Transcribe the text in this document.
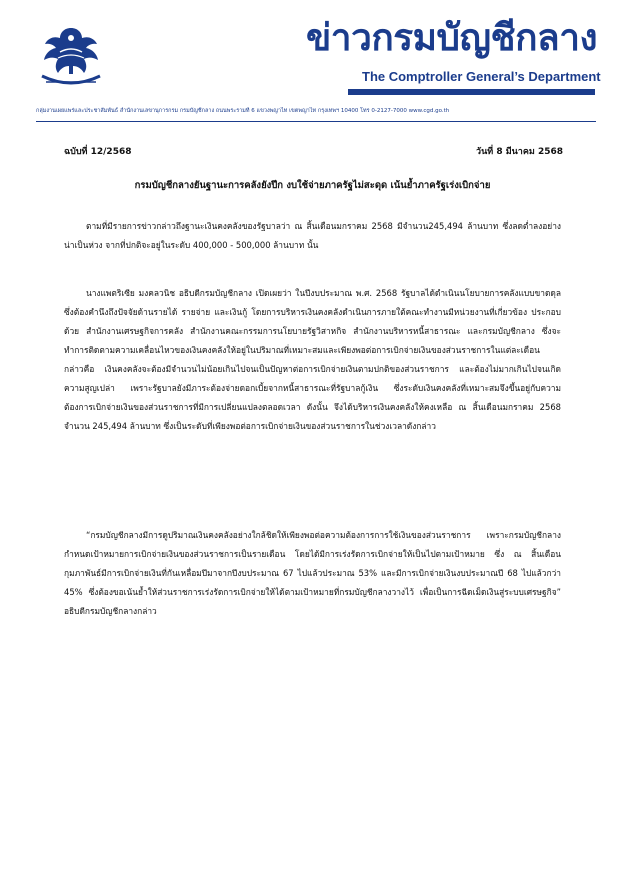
ข่าวกรมบัญชีกลาง
The Comptroller General’s Department
กลุ่มงานเผยแพร่และประชาสัมพันธ์ สำนักงานเลขานุการกรม กรมบัญชีกลาง ถนนพระรามที่ 6 แขวงพญาไท เขตพญาไท กรุงเทพฯ 10400 โทร 0-2127-7000 www.cgd.go.th
ฉบับที่ 12/2568	วันที่ 8 มีนาคม 2568
กรมบัญชีกลางยันฐานะการคลังยังปึก งบใช้จ่ายภาครัฐไม่สะดุด เน้นย้ำภาครัฐเร่งเบิกจ่าย

ตามที่มีรายการข่าวกล่าวถึงฐานะเงินคงคลังของรัฐบาลว่า ณ สิ้นเดือนมกราคม 2568 มีจำนวน245,494 ล้านบาท ซึ่งลดต่ำลงอย่างน่าเป็นห่วง จากที่ปกติจะอยู่ในระดับ 400,000 - 500,000 ล้านบาท นั้น

นางแพตริเซีย มงคลวนิช อธิบดีกรมบัญชีกลาง เปิดเผยว่า ในปีงบประมาณ พ.ศ. 2568 รัฐบาลได้ดำเนินนโยบายการคลังแบบขาดดุล ซึ่งต้องคำนึงถึงปัจจัยด้านรายได้ รายจ่าย และเงินกู้ โดยการบริหารเงินคงคลังดำเนินการภายใต้คณะทำงานมีหน่วยงานที่เกี่ยวข้อง ประกอบด้วย สำนักงานเศรษฐกิจการคลัง สำนักงานคณะกรรมการนโยบายรัฐวิสาหกิจ สำนักงานบริหารหนี้สาธารณะ และกรมบัญชีกลาง ซึ่งจะทำการติดตามความเคลื่อนไหวของเงินคงคลังให้อยู่ในปริมาณที่เหมาะสมและเพียงพอต่อการเบิกจ่ายเงินของส่วนราชการในแต่ละเดือน กล่าวคือ เงินคงคลังจะต้องมีจำนวนไม่น้อยเกินไปจนเป็นปัญหาต่อการเบิกจ่ายเงินตามปกติของส่วนราชการ และต้องไม่มากเกินไปจนเกิดความสูญเปล่า เพราะรัฐบาลยังมีภาระต้องจ่ายดอกเบี้ยจากหนี้สาธารณะที่รัฐบาลกู้เงิน ซึ่งระดับเงินคงคลังที่เหมาะสมจึงขึ้นอยู่กับความต้องการเบิกจ่ายเงินของส่วนราชการที่มีการเปลี่ยนแปลงตลอดเวลา ดังนั้น จึงได้บริหารเงินคงคลังให้คงเหลือ ณ สิ้นเดือนมกราคม 2568 จำนวน 245,494 ล้านบาท ซึ่งเป็นระดับที่เพียงพอต่อการเบิกจ่ายเงินของส่วนราชการในช่วงเวลาดังกล่าว

“กรมบัญชีกลางมีการดูปริมาณเงินคงคลังอย่างใกล้ชิดให้เพียงพอต่อความต้องการการใช้เงินของส่วนราชการ เพราะกรมบัญชีกลางกำหนดเป้าหมายการเบิกจ่ายเงินของส่วนราชการเป็นรายเดือน โดยได้มีการเร่งรัดการเบิกจ่ายให้เป็นไปตามเป้าหมาย ซึ่ง ณ สิ้นเดือนกุมภาพันธ์มีการเบิกจ่ายเงินที่กันเหลื่อมปีมาจากปีงบประมาณ 67 ไปแล้วประมาณ 53% และมีการเบิกจ่ายเงินงบประมาณปี 68 ไปแล้วกว่า 45% ซึ่งต้องขอเน้นย้ำให้ส่วนราชการเร่งรัดการเบิกจ่ายให้ได้ตามเป้าหมายที่กรมบัญชีกลางวางไว้ เพื่อเป็นการฉีดเม็ดเงินสู่ระบบเศรษฐกิจ” อธิบดีกรมบัญชีกลางกล่าว
